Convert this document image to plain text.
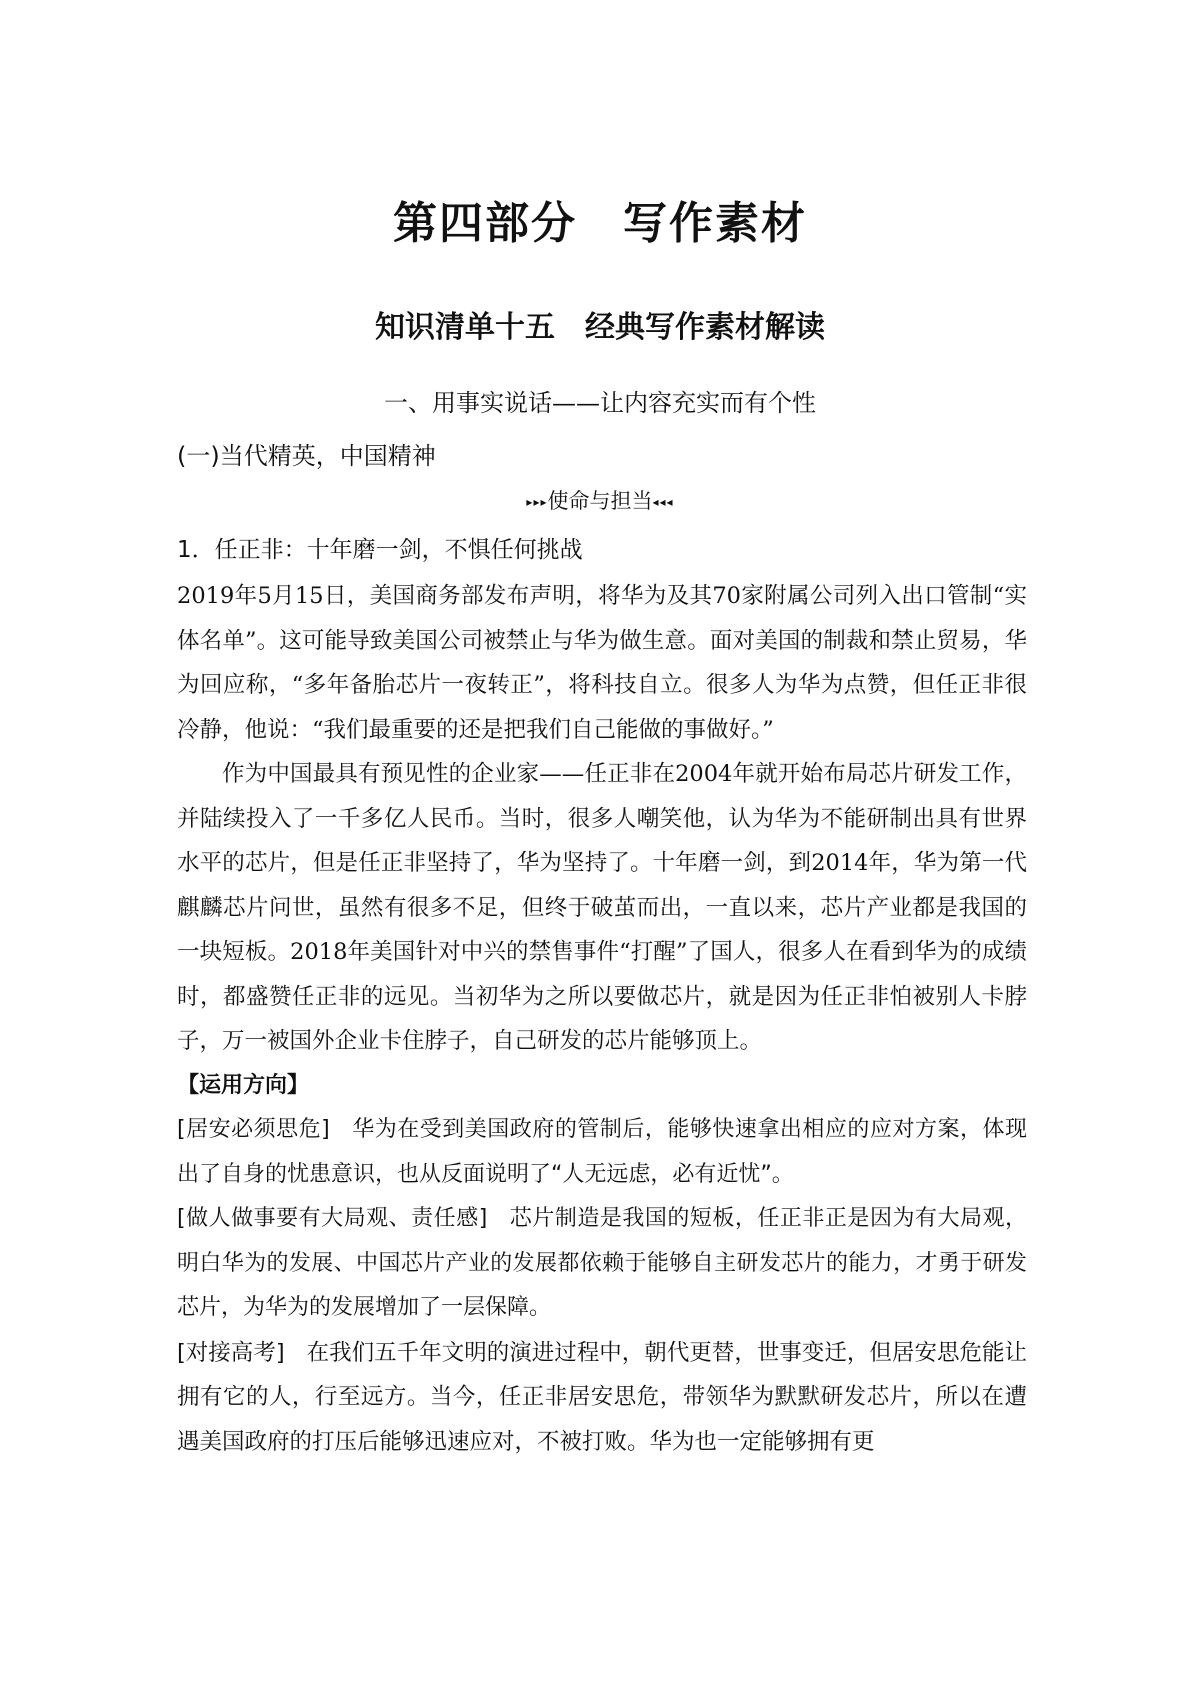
第四部分　写作素材
知识清单十五　经典写作素材解读
一、用事实说话——让内容充实而有个性
(一)当代精英，中国精神
▸▸▸使命与担当◂◂◂
1．任正非：十年磨一剑，不惧任何挑战

2019年5月15日，美国商务部发布声明，将华为及其70家附属公司列入出口管制“实体名单”。这可能导致美国公司被禁止与华为做生意。面对美国的制裁和禁止贸易，华为回应称，“多年备胎芯片一夜转正”，将科技自立。很多人为华为点赞，但任正非很冷静，他说：“我们最重要的还是把我们自己能做的事做好。”

作为中国最具有预见性的企业家——任正非在2004年就开始布局芯片研发工作，并陆续投入了一千多亿人民币。当时，很多人嘲笑他，认为华为不能研制出具有世界水平的芯片，但是任正非坚持了，华为坚持了。十年磨一剑，到2014年，华为第一代麒麟芯片问世，虽然有很多不足，但终于破茧而出，一直以来，芯片产业都是我国的一块短板。2018年美国针对中兴的禁售事件“打醒”了国人，很多人在看到华为的成绩时，都盛赞任正非的远见。当初华为之所以要做芯片，就是因为任正非怕被别人卡脖子，万一被国外企业卡住脖子，自己研发的芯片能够顶上。

【运用方向】

[居安必须思危] 华为在受到美国政府的管制后，能够快速拿出相应的应对方案，体现出了自身的忧患意识，也从反面说明了“人无远虑，必有近忧”。

[做人做事要有大局观、责任感] 芯片制造是我国的短板，任正非正是因为有大局观，明白华为的发展、中国芯片产业的发展都依赖于能够自主研发芯片的能力，才勇于研发芯片，为华为的发展增加了一层保障。

[对接高考] 在我们五千年文明的演进过程中，朝代更替，世事变迁，但居安思危能让拥有它的人，行至远方。当今，任正非居安思危，带领华为默默研发芯片，所以在遭遇美国政府的打压后能够迅速应对，不被打败。华为也一定能够拥有更
